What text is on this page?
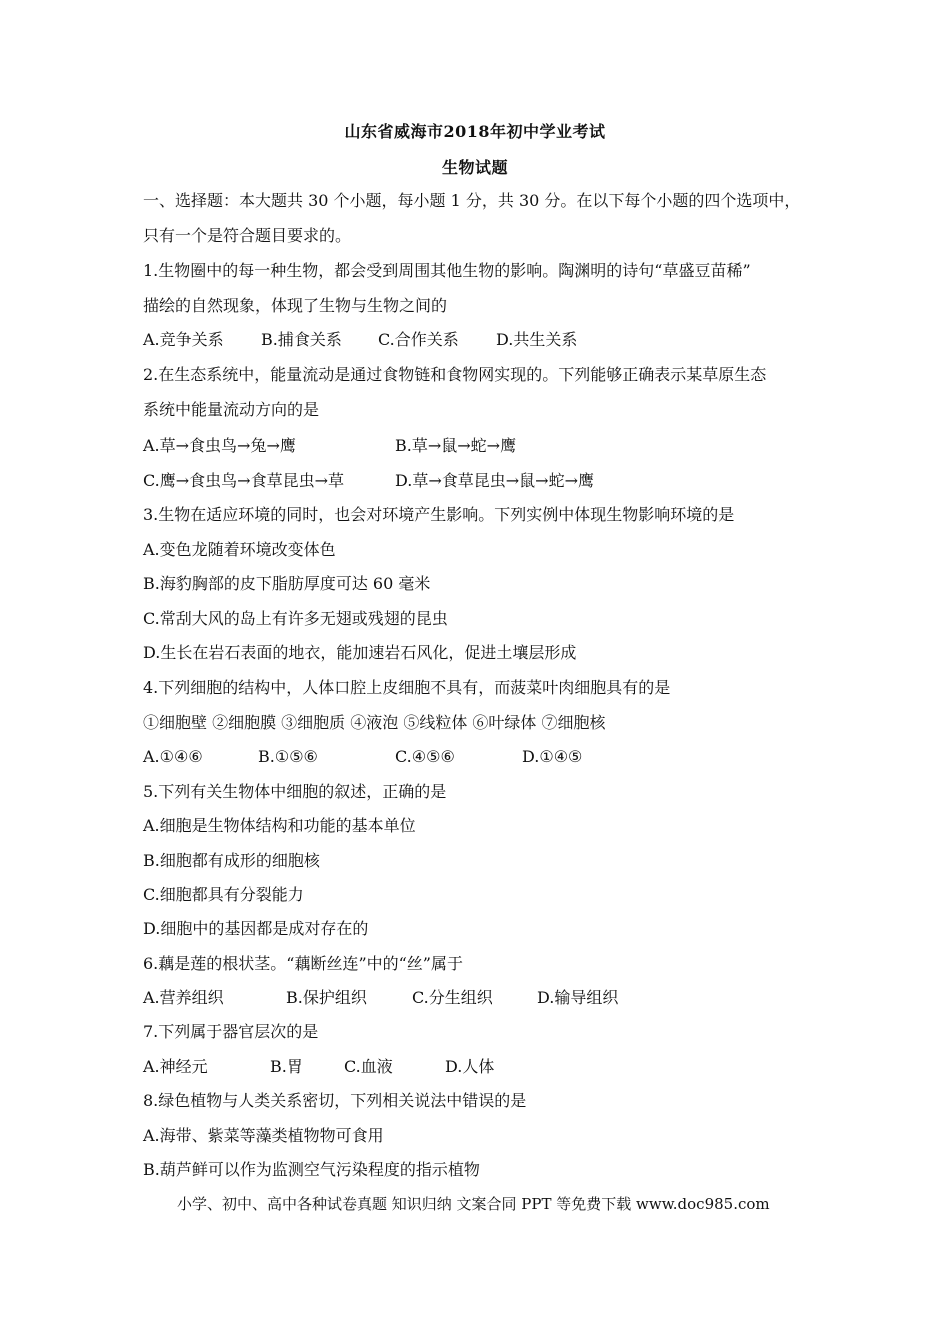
山东省威海市2018年初中学业考试
生物试题
一、选择题：本大题共 30 个小题，每小题 1 分，共 30 分。在以下每个小题的四个选项中，
只有一个是符合题目要求的。
1.生物圈中的每一种生物，都会受到周围其他生物的影响。陶渊明的诗句“草盛豆苗稀”
描绘的自然现象，体现了生物与生物之间的
A.竞争关系 B.捕食关系 C.合作关系 D.共生关系
2.在生态系统中，能量流动是通过食物链和食物网实现的。下列能够正确表示某草原生态
系统中能量流动方向的是
A.草→食虫鸟→兔→鹰	B.草→鼠→蛇→鹰
C.鹰→食虫鸟→食草昆虫→草	D.草→食草昆虫→鼠→蛇→鹰
3.生物在适应环境的同时，也会对环境产生影响。下列实例中体现生物影响环境的是
A.变色龙随着环境改变体色
B.海豹胸部的皮下脂肪厚度可达 60 毫米
C.常刮大风的岛上有许多无翅或残翅的昆虫
D.生长在岩石表面的地衣，能加速岩石风化，促进土壤层形成
4.下列细胞的结构中，人体口腔上皮细胞不具有，而菠菜叶肉细胞具有的是
①细胞壁 ②细胞膜 ③细胞质 ④液泡 ⑤线粒体 ⑥叶绿体 ⑦细胞核
A.①④⑥	B.①⑤⑥	C.④⑤⑥	D.①④⑤
5.下列有关生物体中细胞的叙述，正确的是
A.细胞是生物体结构和功能的基本单位
B.细胞都有成形的细胞核
C.细胞都具有分裂能力
D.细胞中的基因都是成对存在的
6.藕是莲的根状茎。“藕断丝连”中的“丝”属于
A.营养组织	B.保护组织	C.分生组织	D.输导组织
7.下列属于器官层次的是
A.神经元	B.胃	C.血液	D.人体
8.绿色植物与人类关系密切，下列相关说法中错误的是
A.海带、紫菜等藻类植物物可食用
B.葫芦鲜可以作为监测空气污染程度的指示植物
小学、初中、高中各种试卷真题 知识归纳 文案合同 PPT 等免费下载 www.doc985.com
